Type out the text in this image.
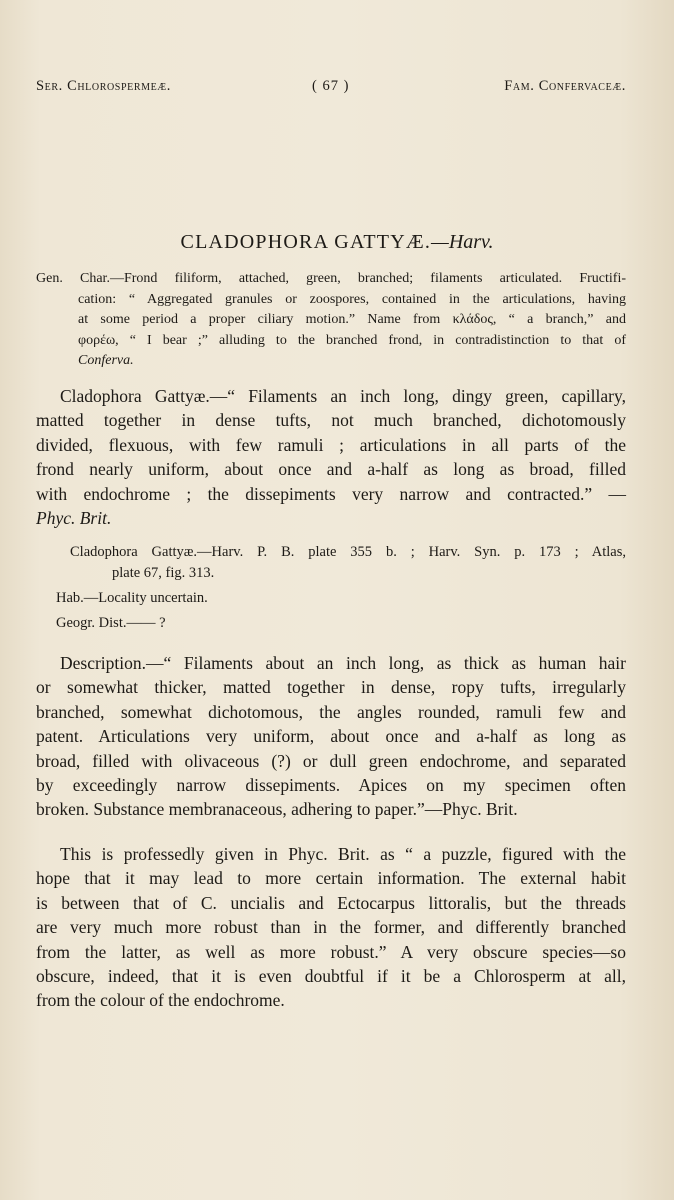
Ser. Chlorospermeæ.	( 67 )	Fam. Confervaceæ.
CLADOPHORA GATTYÆ.—Harv.
Gen. Char.—Frond filiform, attached, green, branched; filaments articulated. Fructifi-
cation: “ Aggregated granules or zoospores, contained in the articulations, having
at some period a proper ciliary motion.” Name from κλάδος, “ a branch,” and
φορέω, “ I bear ;” alluding to the branched frond, in contradistinction to that of
Conferva.
Cladophora Gattyæ.—“ Filaments an inch long, dingy green, capillary,
matted together in dense tufts, not much branched, dichotomously
divided, flexuous, with few ramuli ; articulations in all parts of the
frond nearly uniform, about once and a-half as long as broad, filled
with endochrome ; the dissepiments very narrow and contracted.” —
Phyc. Brit.
Cladophora Gattyæ.—Harv. P. B. plate 355 b. ; Harv. Syn. p. 173 ; Atlas,
plate 67, fig. 313.
Hab.—Locality uncertain.
Geogr. Dist.—— ?
Description.—“ Filaments about an inch long, as thick as human hair
or somewhat thicker, matted together in dense, ropy tufts, irregularly
branched, somewhat dichotomous, the angles rounded, ramuli few and
patent. Articulations very uniform, about once and a-half as long as
broad, filled with olivaceous (?) or dull green endochrome, and separated
by exceedingly narrow dissepiments. Apices on my specimen often
broken. Substance membranaceous, adhering to paper.”—Phyc. Brit.
This is professedly given in Phyc. Brit. as “ a puzzle, figured with the
hope that it may lead to more certain information. The external habit
is between that of C. uncialis and Ectocarpus littoralis, but the threads
are very much more robust than in the former, and differently branched
from the latter, as well as more robust.” A very obscure species—so
obscure, indeed, that it is even doubtful if it be a Chlorosperm at all,
from the colour of the endochrome.
